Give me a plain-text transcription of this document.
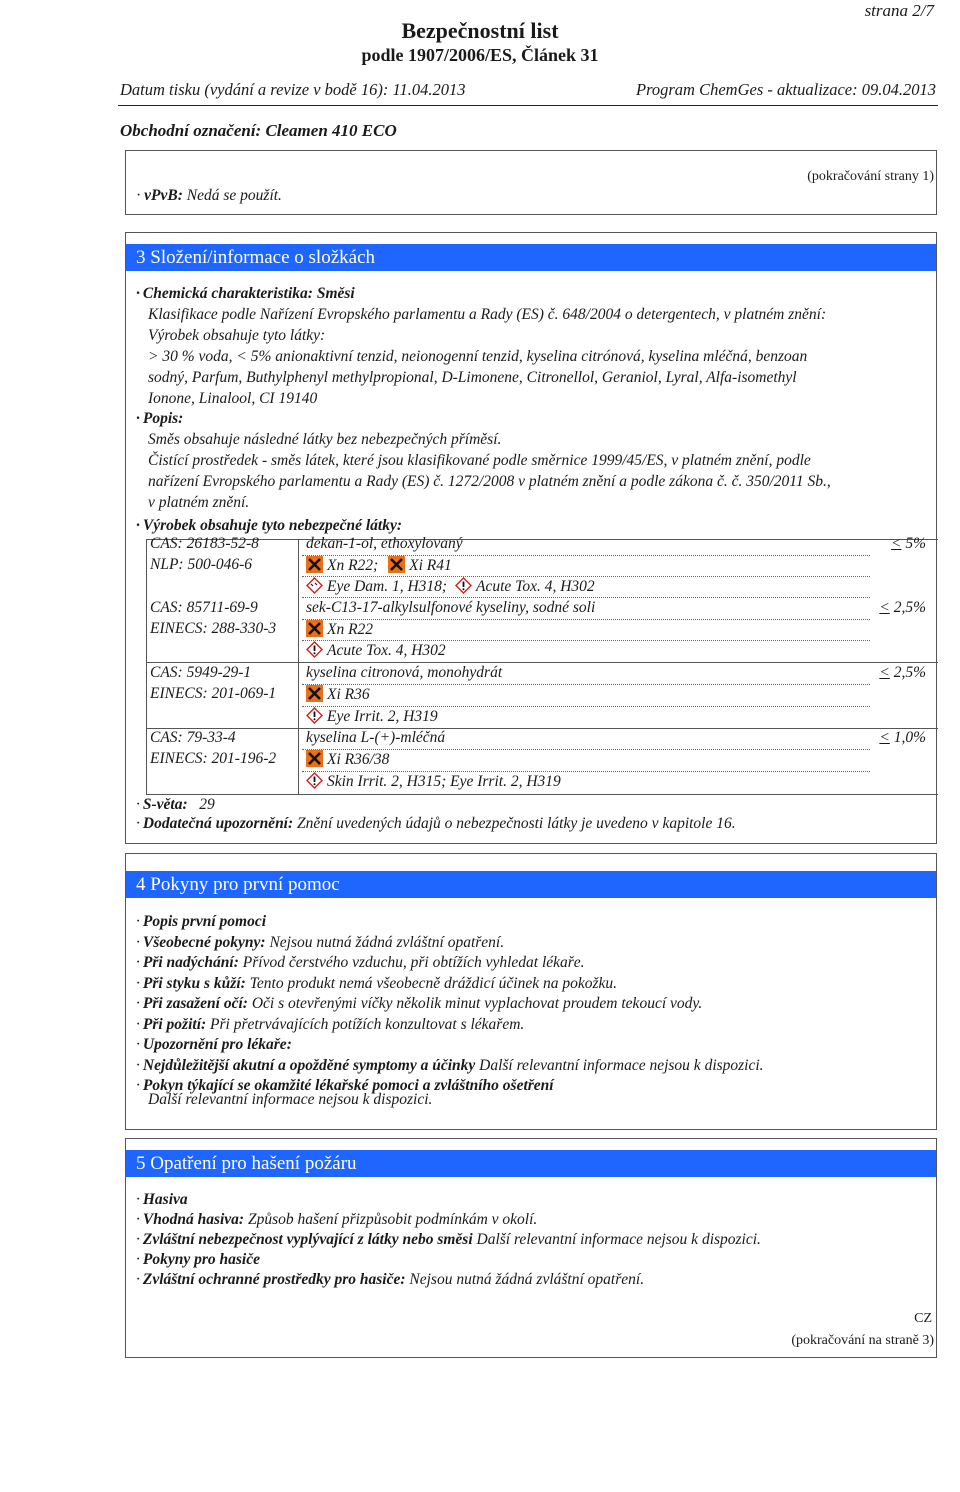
strana 2/7
Bezpečnostní list
podle 1907/2006/ES, Článek 31
Datum tisku (vydání a revize v bodě 16): 11.04.2013	Program ChemGes - aktualizace: 09.04.2013
Obchodní označení: Cleamen 410 ECO
· vPvB: Nedá se použít.
(pokračování strany 1)
3 Složení/informace o složkách
· Chemická charakteristika: Směsi
Klasifikace podle Nařízení Evropského parlamentu a Rady (ES) č. 648/2004 o detergentech, v platném znění:
Výrobek obsahuje tyto látky:
> 30 % voda, < 5% anionaktivní tenzid, neionogenní tenzid, kyselina citrónová, kyselina mléčná, benzoan
sodný, Parfum, Buthylphenyl methylpropional, D-Limonene, Citronellol, Geraniol, Lyral, Alfa-isomethyl
Ionone, Linalool, CI 19140
· Popis:
Směs obsahuje následné látky bez nebezpečných příměsí.
Čistící prostředek - směs látek, které jsou klasifikované podle směrnice 1999/45/ES, v platném znění, podle
nařízení Evropského parlamentu a Rady (ES) č. 1272/2008 v platném znění a podle zákona č. č. 350/2011 Sb.,
v platném znění.
· Výrobek obsahuje tyto nebezpečné látky:
CAS: 26183-52-8
NLP: 500-046-6
dekan-1-ol, ethoxylovaný
Xn R22; Xi R41
Eye Dam. 1, H318; Acute Tox. 4, H302
< 5%
CAS: 85711-69-9
EINECS: 288-330-3
sek-C13-17-alkylsulfonové kyseliny, sodné soli
Xn R22
Acute Tox. 4, H302
< 2,5%
CAS: 5949-29-1
EINECS: 201-069-1
kyselina citronová, monohydrát
Xi R36
Eye Irrit. 2, H319
< 2,5%
CAS: 79-33-4
EINECS: 201-196-2
kyselina L-(+)-mléčná
Xi R36/38
Skin Irrit. 2, H315; Eye Irrit. 2, H319
< 1,0%
· S-věta: 29
· Dodatečná upozornění: Znění uvedených údajů o nebezpečnosti látky je uvedeno v kapitole 16.
4 Pokyny pro první pomoc
· Popis první pomoci
· Všeobecné pokyny: Nejsou nutná žádná zvláštní opatření.
· Při nadýchání: Přívod čerstvého vzduchu, při obtížích vyhledat lékaře.
· Při styku s kůží: Tento produkt nemá všeobecně dráždicí účinek na pokožku.
· Při zasažení očí: Oči s otevřenými víčky několik minut vyplachovat proudem tekoucí vody.
· Při požití: Při přetrvávajících potížích konzultovat s lékařem.
· Upozornění pro lékaře:
· Nejdůležitější akutní a opožděné symptomy a účinky Další relevantní informace nejsou k dispozici.
· Pokyn týkající se okamžité lékařské pomoci a zvláštního ošetření
Další relevantní informace nejsou k dispozici.
5 Opatření pro hašení požáru
· Hasiva
· Vhodná hasiva: Způsob hašení přizpůsobit podmínkám v okolí.
· Zvláštní nebezpečnost vyplývající z látky nebo směsi Další relevantní informace nejsou k dispozici.
· Pokyny pro hasiče
· Zvláštní ochranné prostředky pro hasiče: Nejsou nutná žádná zvláštní opatření.
CZ
(pokračování na straně 3)
